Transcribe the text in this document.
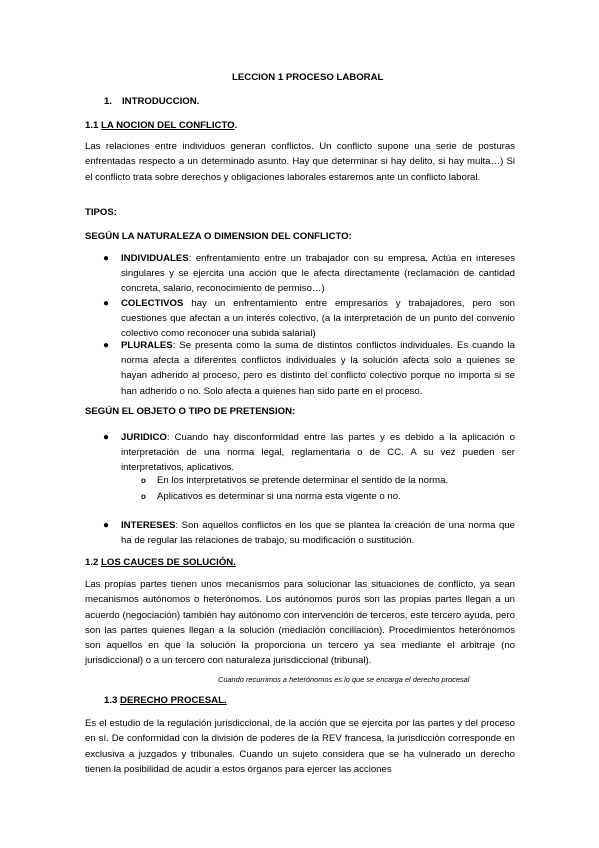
LECCION 1 PROCESO LABORAL
1. INTRODUCCION.
1.1 LA NOCION DEL CONFLICTO.
Las relaciones entre individuos generan conflictos. Un conflicto supone una serie de posturas enfrentadas respecto a un determinado asunto. Hay que determinar si hay delito, si hay multa…) Si el conflicto trata sobre derechos y obligaciones laborales estaremos ante un conflicto laboral.
TIPOS:
SEGÚN LA NATURALEZA O DIMENSION DEL CONFLICTO:
● INDIVIDUALES: enfrentamiento entre un trabajador con su empresa. Actúa en intereses singulares y se ejercita una acción que le afecta directamente (reclamación de cantidad concreta, salario, reconocimiento de permiso…)
● COLECTIVOS hay un enfrentamiento entre empresarios y trabajadores, pero son cuestiones que afectan a un interés colectivo, (a la interpretación de un punto del convenio colectivo como reconocer una subida salarial)
● PLURALES: Se presenta como la suma de distintos conflictos individuales. Es cuando la norma afecta a diferentes conflictos individuales y la solución afecta solo a quienes se hayan adherido al proceso, pero es distinto del conflicto colectivo porque no importa si se han adherido o no. Solo afecta a quienes han sido parte en el proceso.
SEGÚN EL OBJETO O TIPO DE PRETENSION:
● JURIDICO: Cuando hay disconformidad entre las partes y es debido a la aplicación o interpretación de una norma legal, reglamentaria o de CC. A su vez pueden ser interpretativos, aplicativos.
o En los interpretativos se pretende determinar el sentido de la norma.
o Aplicativos es determinar si una norma esta vigente o no.
● INTERESES: Son aquellos conflictos en los que se plantea la creación de una norma que ha de regular las relaciones de trabajo, su modificación o sustitución.
1.2 LOS CAUCES DE SOLUCIÓN.
Las propias partes tienen unos mecanismos para solucionar las situaciones de conflicto, ya sean mecanismos autónomos o heterónomos. Los autónomos puros son las propias partes llegan a un acuerdo (negociación) también hay autónomo con intervención de terceros, este tercero ayuda, pero son las partes quienes llegan a la solución (mediación conciliación). Procedimientos heterónomos son aquellos en que la solución la proporciona un tercero ya sea mediante el arbitraje (no jurisdiccional) o a un tercero con naturaleza jurisdiccional (tribunal).
Cuando recurrimos a heterónomos es lo que se encarga el derecho procesal
1.3 DERECHO PROCESAL.
Es el estudio de la regulación jurisdiccional, de la acción que se ejercita por las partes y del proceso en sí. De conformidad con la división de poderes de la REV francesa, la jurisdicción corresponde en exclusiva a juzgados y tribunales. Cuando un sujeto considera que se ha vulnerado un derecho tienen la posibilidad de acudir a estos órganos para ejercer las acciones
